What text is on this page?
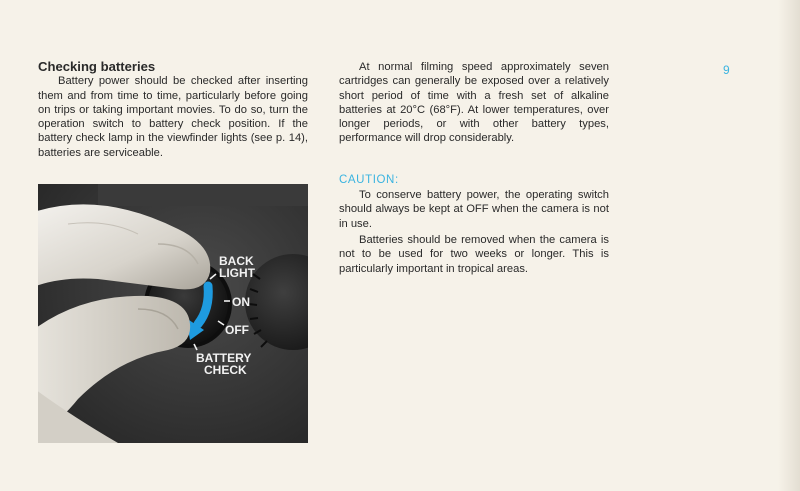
9
Checking batteries

Battery power should be checked after inserting them and from time to time, particularly before going on trips or taking important movies. To do so, turn the operation switch to battery check position. If the battery check lamp in the viewfinder lights (see p. 14), batteries are serviceable.

At normal filming speed approximately seven cartridges can generally be exposed over a relatively short period of time with a fresh set of alkaline batteries at 20°C (68°F). At lower temperatures, over longer periods, or with other battery types, performance will drop considerably.

CAUTION:

To conserve battery power, the operating switch should always be kept at OFF when the camera is not in use.

Batteries should be removed when the camera is not to be used for two weeks or longer. This is particularly important in tropical areas.

BACK
LIGHT
ON
OFF
BATTERY
CHECK
